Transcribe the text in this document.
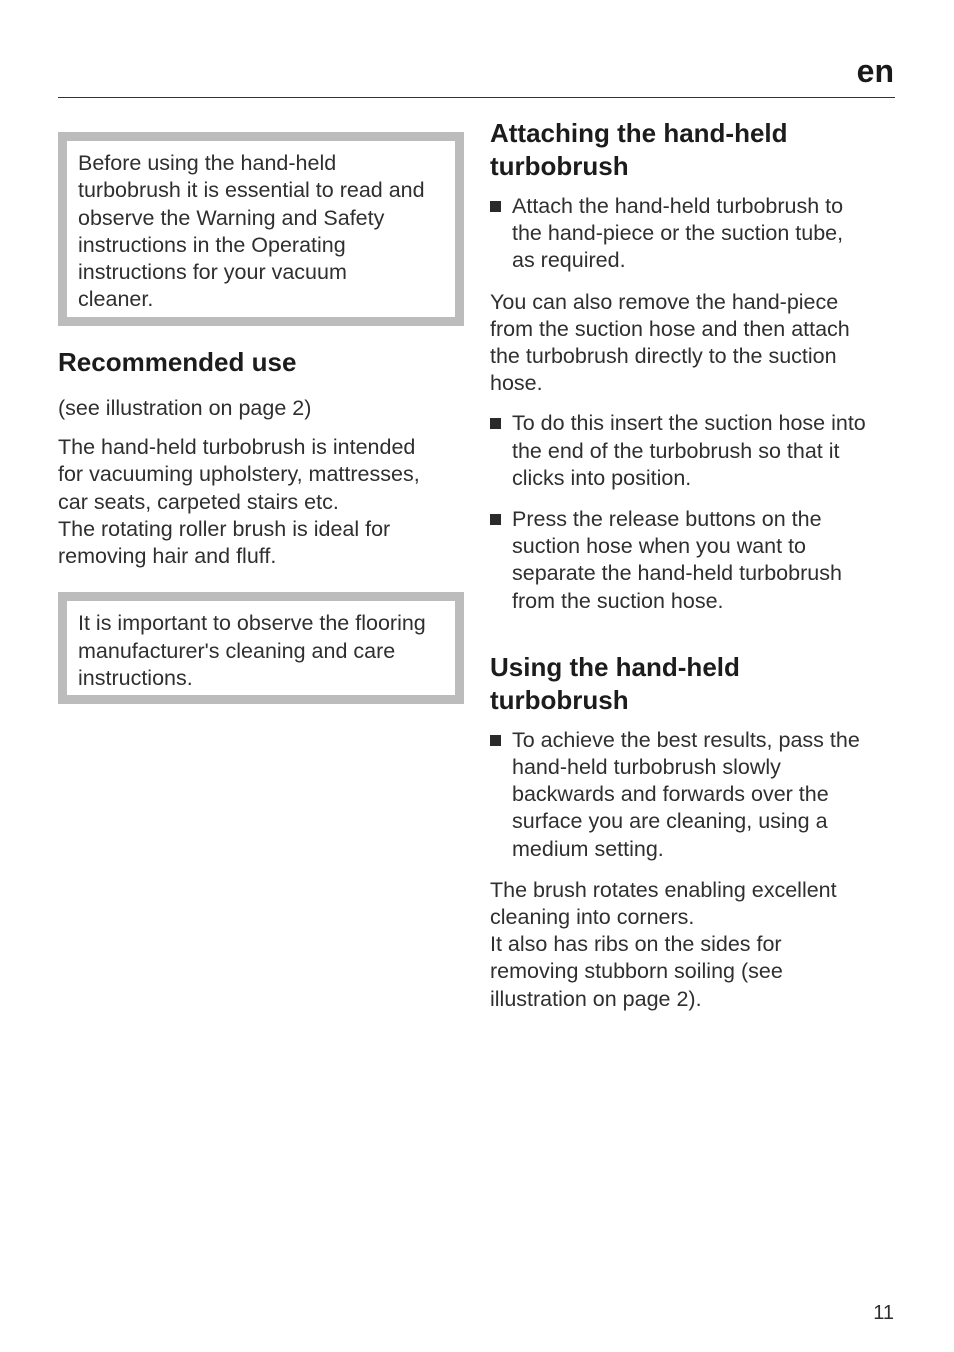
en
Before using the hand-held
turbobrush it is essential to read and
observe the Warning and Safety
instructions in the Operating
instructions for your vacuum
cleaner.
Recommended use

(see illustration on page 2)

The hand-held turbobrush is intended

for vacuuming upholstery, mattresses,

car seats, carpeted stairs etc.

The rotating roller brush is ideal for

removing hair and fluff.

It is important to observe the flooring
manufacturer's cleaning and care
instructions.
Attaching the hand-held
turbobrush
Attach the hand-held turbobrush to
the hand-piece or the suction tube,
as required.

You can also remove the hand-piece

from the suction hose and then attach

the turbobrush directly to the suction

hose.

To do this insert the suction hose into
the end of the turbobrush so that it
clicks into position.
Press the release buttons on the
suction hose when you want to
separate the hand-held turbobrush
from the suction hose.
Using the hand-held
turbobrush
To achieve the best results, pass the
hand-held turbobrush slowly
backwards and forwards over the
surface you are cleaning, using a
medium setting.

The brush rotates enabling excellent

cleaning into corners.

It also has ribs on the sides for

removing stubborn soiling (see

illustration on page 2).

11
